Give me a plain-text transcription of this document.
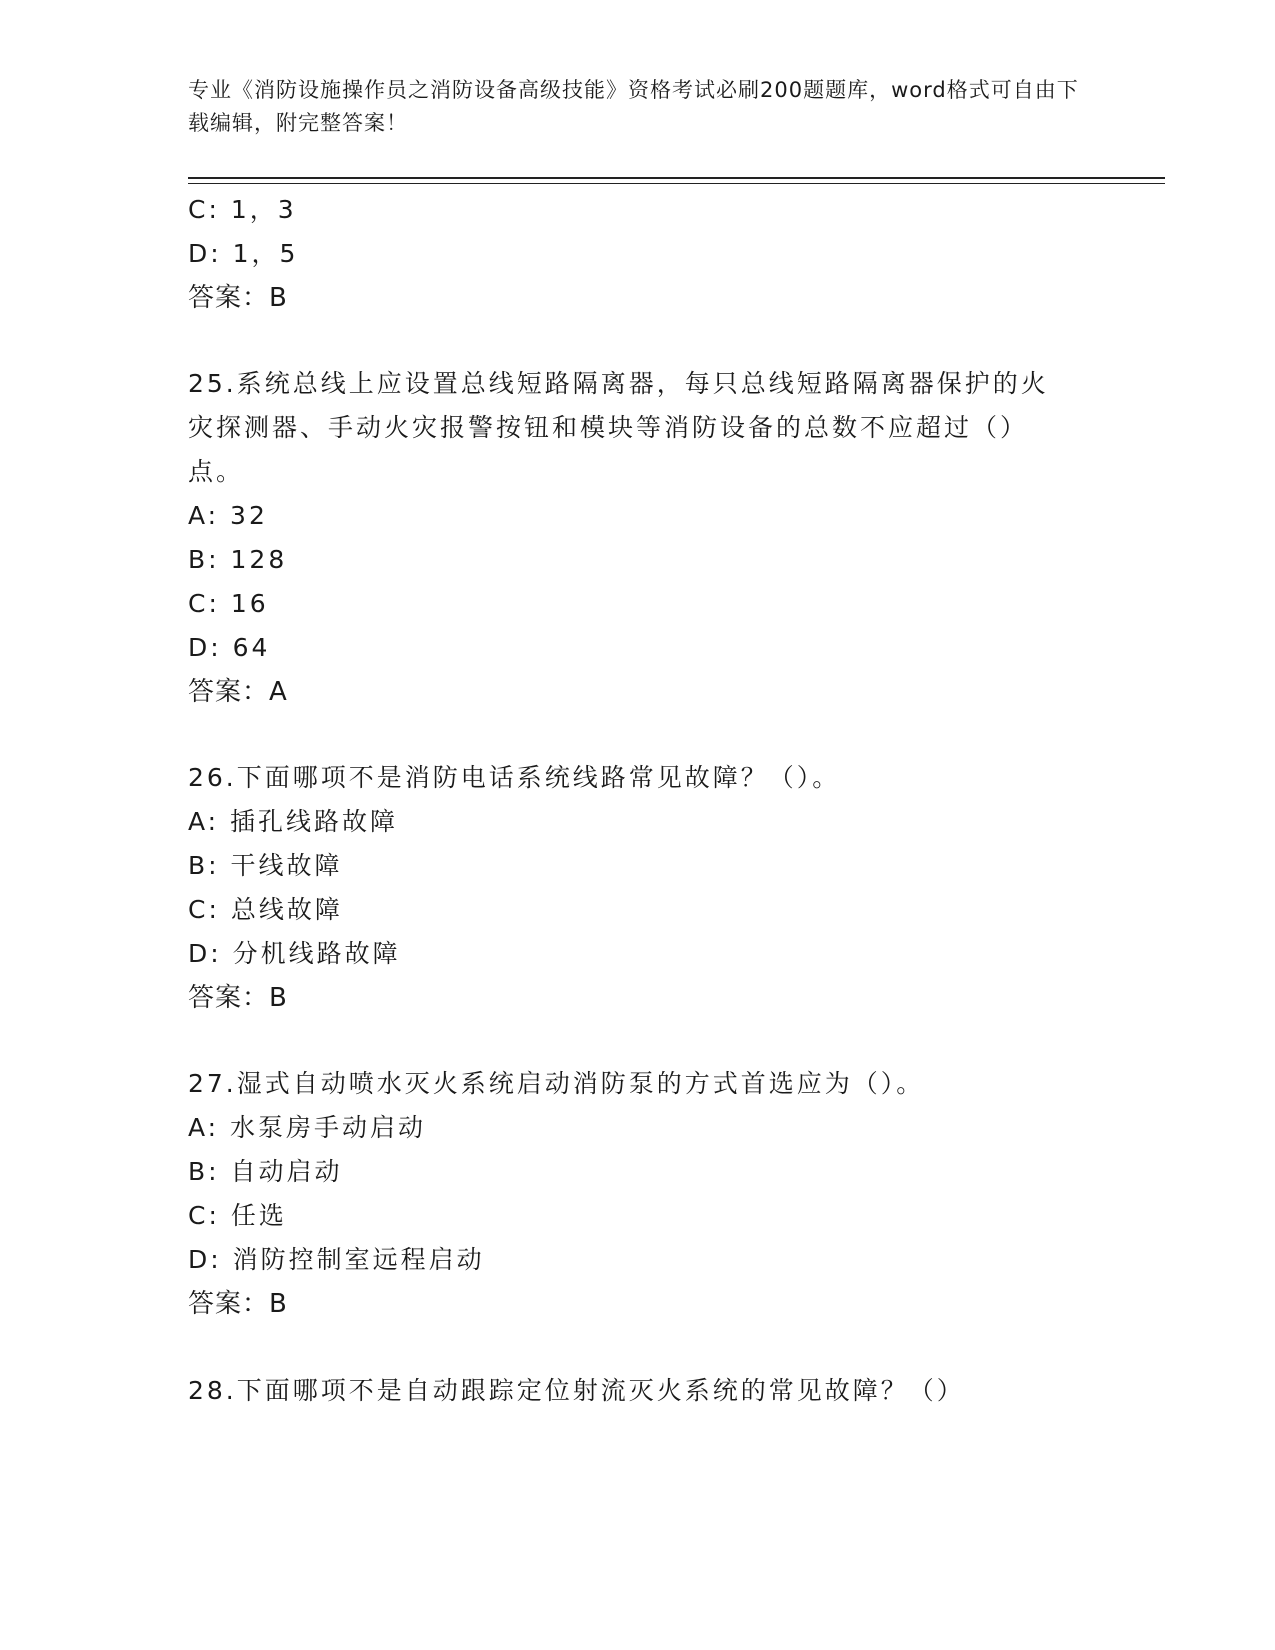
专业《消防设施操作员之消防设备高级技能》资格考试必刷200题题库，word格式可自由下载编辑，附完整答案！
C: 1，3
D: 1，5
答案：B
25.系统总线上应设置总线短路隔离器，每只总线短路隔离器保护的火
灾探测器、手动火灾报警按钮和模块等消防设备的总数不应超过（）
点。
A: 32
B: 128
C: 16
D: 64
答案：A
26.下面哪项不是消防电话系统线路常见故障？（）。
A: 插孔线路故障
B: 干线故障
C: 总线故障
D: 分机线路故障
答案：B
27.湿式自动喷水灭火系统启动消防泵的方式首选应为（）。
A: 水泵房手动启动
B: 自动启动
C: 任选
D: 消防控制室远程启动
答案：B
28.下面哪项不是自动跟踪定位射流灭火系统的常见故障？（）
